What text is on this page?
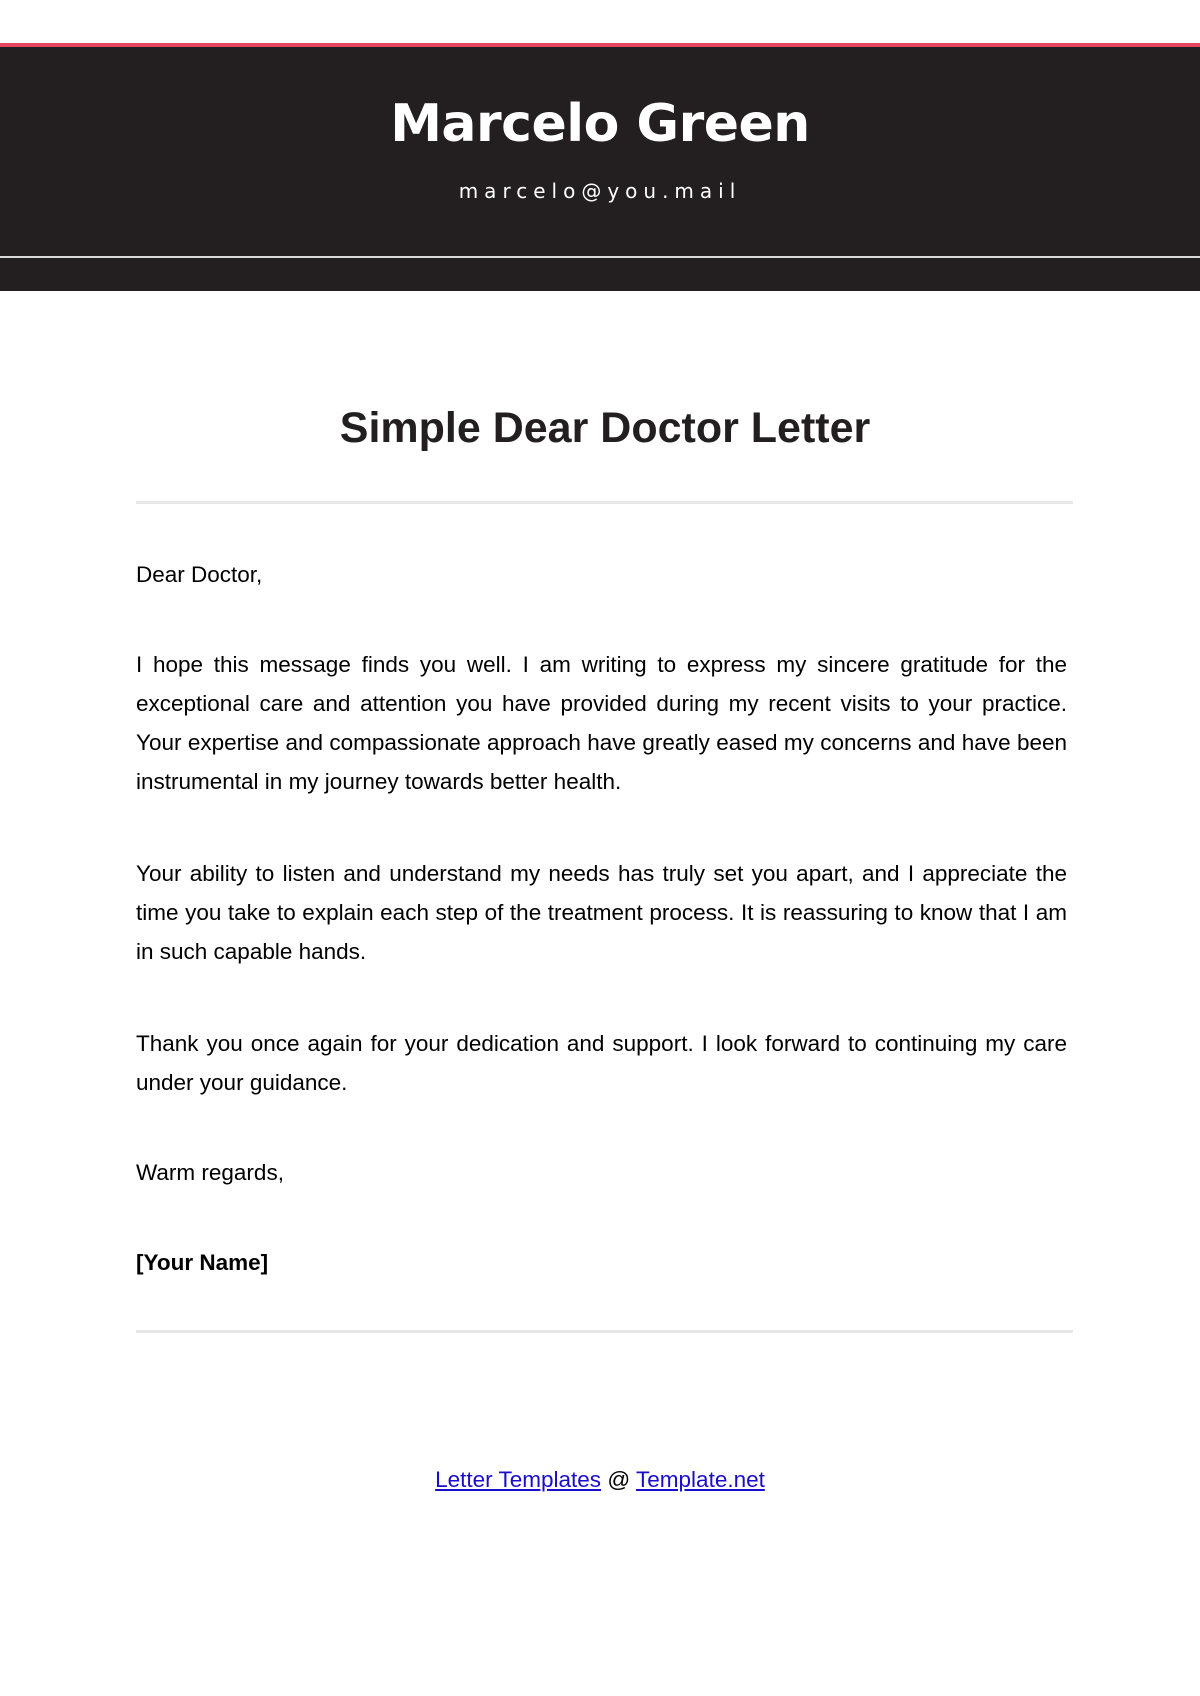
Marcelo Green
marcelo@you.mail
Simple Dear Doctor Letter

Dear Doctor,

I hope this message finds you well. I am writing to express my sincere gratitude for the exceptional care and attention you have provided during my recent visits to your practice. Your expertise and compassionate approach have greatly eased my concerns and have been instrumental in my journey towards better health.

Your ability to listen and understand my needs has truly set you apart, and I appreciate the time you take to explain each step of the treatment process. It is reassuring to know that I am in such capable hands.

Thank you once again for your dedication and support. I look forward to continuing my care under your guidance.

Warm regards,

[Your Name]

Letter Templates @ Template.net
